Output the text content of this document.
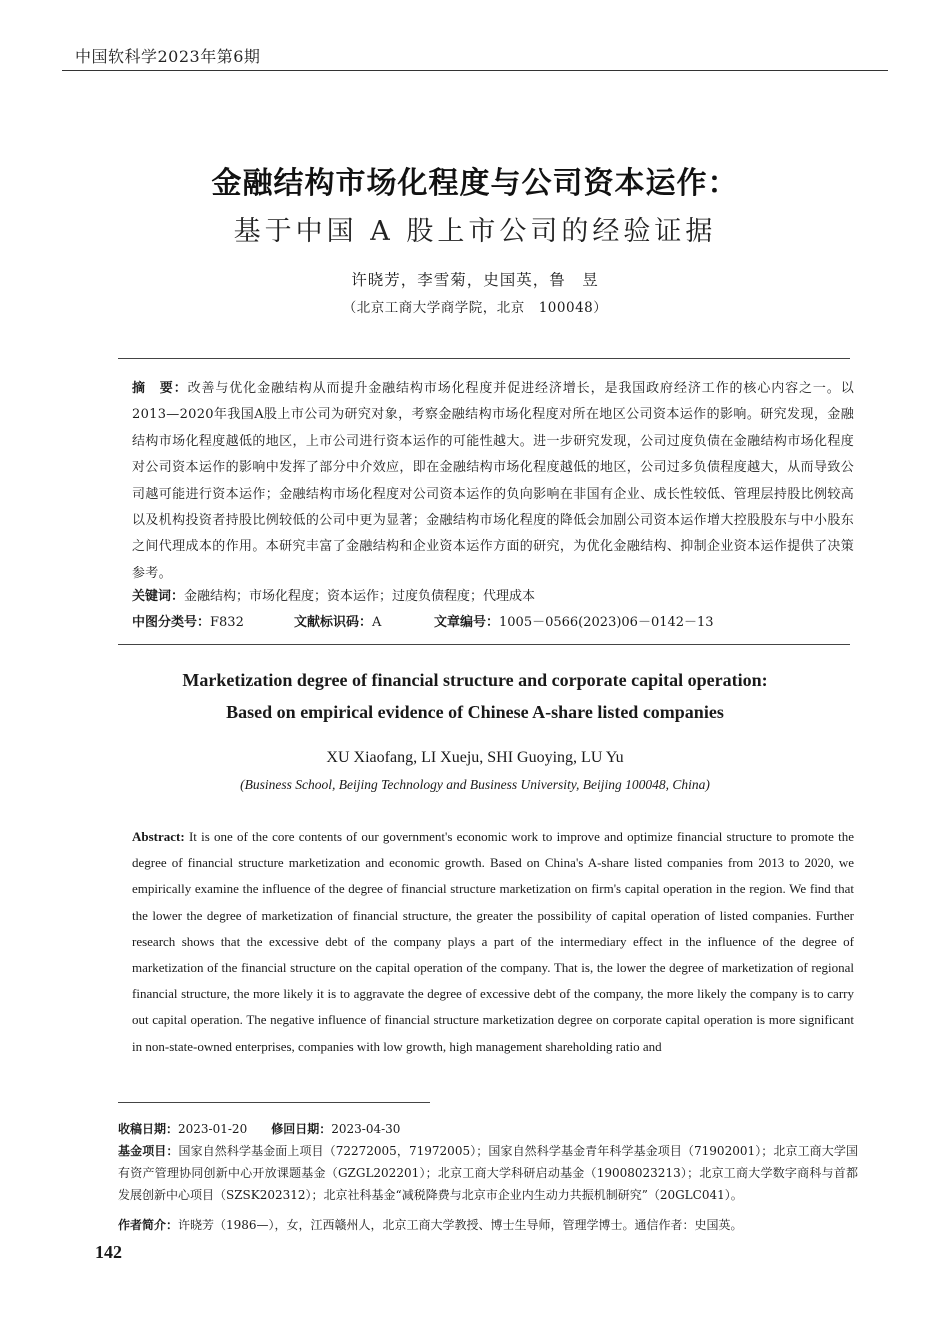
中国软科学2023年第6期
金融结构市场化程度与公司资本运作：
基于中国 A 股上市公司的经验证据
许晓芳，李雪菊，史国英，鲁　昱
（北京工商大学商学院，北京　100048）
摘　要：改善与优化金融结构从而提升金融结构市场化程度并促进经济增长，是我国政府经济工作的核心内容之一。以2013—2020年我国A股上市公司为研究对象，考察金融结构市场化程度对所在地区公司资本运作的影响。研究发现，金融结构市场化程度越低的地区，上市公司进行资本运作的可能性越大。进一步研究发现，公司过度负债在金融结构市场化程度对公司资本运作的影响中发挥了部分中介效应，即在金融结构市场化程度越低的地区，公司过多负债程度越大，从而导致公司越可能进行资本运作；金融结构市场化程度对公司资本运作的负向影响在非国有企业、成长性较低、管理层持股比例较高以及机构投资者持股比例较低的公司中更为显著；金融结构市场化程度的降低会加剧公司资本运作增大控股股东与中小股东之间代理成本的作用。本研究丰富了金融结构和企业资本运作方面的研究，为优化金融结构、抑制企业资本运作提供了决策参考。
关键词：金融结构；市场化程度；资本运作；过度负债程度；代理成本
中图分类号：F832	文献标识码：A	文章编号：1005－0566(2023)06－0142－13
Marketization degree of financial structure and corporate capital operation:
Based on empirical evidence of Chinese A-share listed companies
XU Xiaofang, LI Xueju, SHI Guoying, LU Yu
(Business School, Beijing Technology and Business University, Beijing 100048, China)
Abstract: It is one of the core contents of our government's economic work to improve and optimize financial structure to promote the degree of financial structure marketization and economic growth. Based on China's A-share listed companies from 2013 to 2020, we empirically examine the influence of the degree of financial structure marketization on firm's capital operation in the region. We find that the lower the degree of marketization of financial structure, the greater the possibility of capital operation of listed companies. Further research shows that the excessive debt of the company plays a part of the intermediary effect in the influence of the degree of marketization of the financial structure on the capital operation of the company. That is, the lower the degree of marketization of regional financial structure, the more likely it is to aggravate the degree of excessive debt of the company, the more likely the company is to carry out capital operation. The negative influence of financial structure marketization degree on corporate capital operation is more significant in non-state-owned enterprises, companies with low growth, high management shareholding ratio and
收稿日期：2023-01-20   修回日期：2023-04-30
基金项目：国家自然科学基金面上项目（72272005，71972005）；国家自然科学基金青年科学基金项目（71902001）；北京工商大学国有资产管理协同创新中心开放课题基金（GZGL202201）；北京工商大学科研启动基金（19008023213）；北京工商大学数字商科与首都发展创新中心项目（SZSK202312）；北京社科基金“减税降费与北京市企业内生动力共振机制研究”（20GLC041）。
作者简介：许晓芳（1986—），女，江西赣州人，北京工商大学教授、博士生导师，管理学博士。通信作者：史国英。
142
